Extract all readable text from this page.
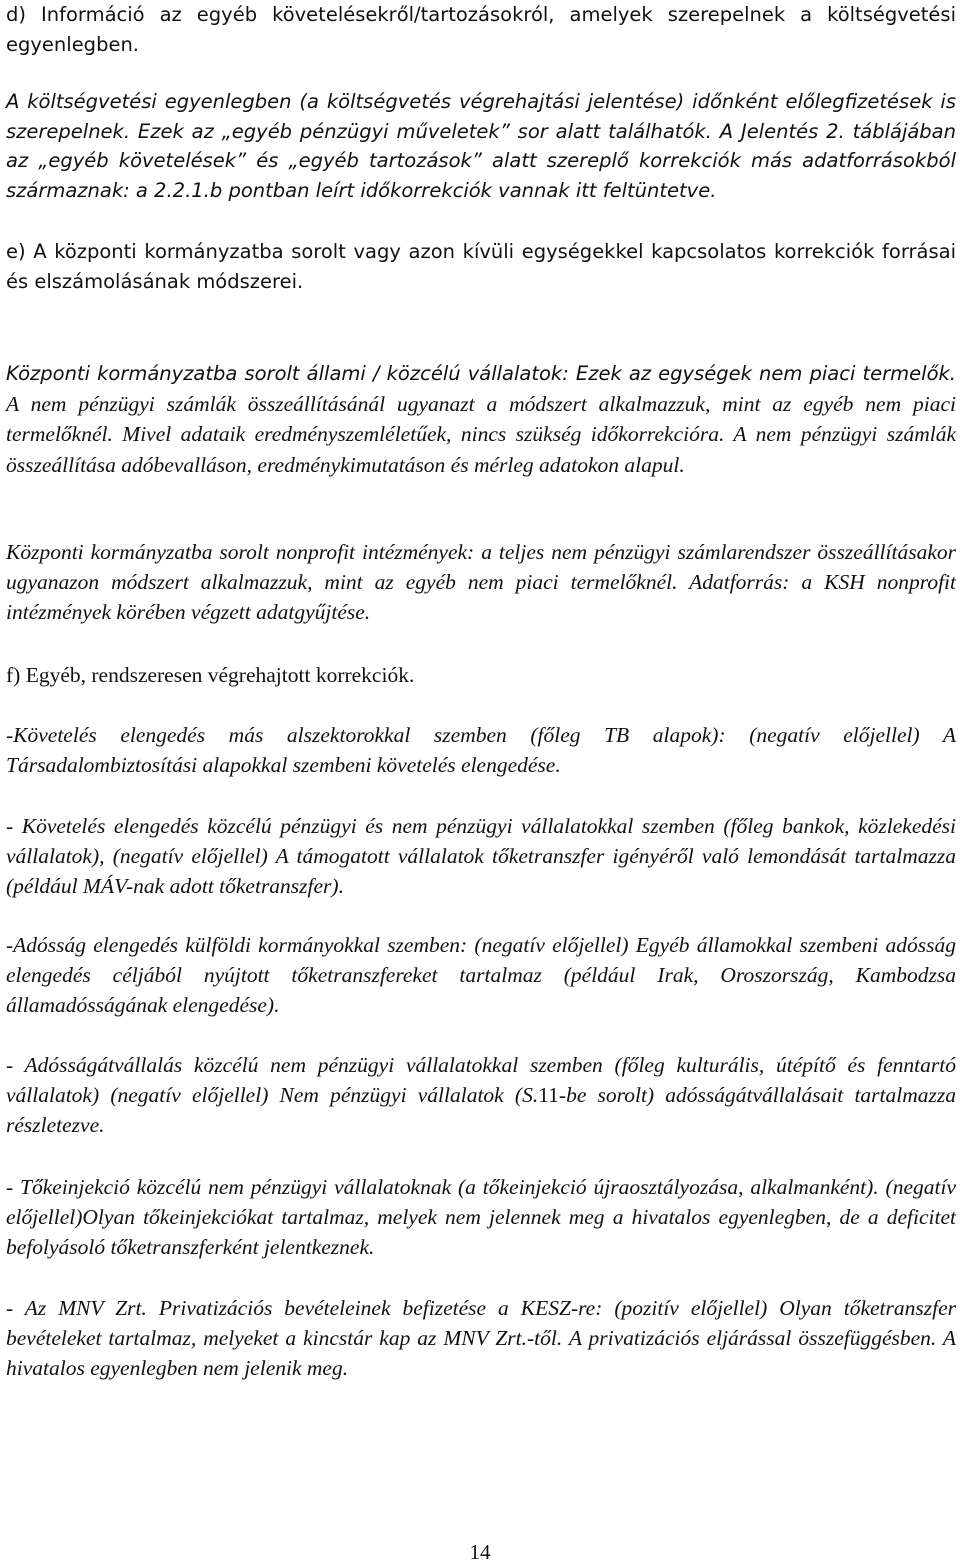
d) Információ az egyéb követelésekről/tartozásokról, amelyek szerepelnek a költségvetési egyenlegben.

A költségvetési egyenlegben (a költségvetés végrehajtási jelentése) időnként előlegfizetések is szerepelnek. Ezek az „egyéb pénzügyi műveletek” sor alatt találhatók. A Jelentés 2. táblájában az „egyéb követelések” és „egyéb tartozások” alatt szereplő korrekciók más adatforrásokból származnak: a 2.2.1.b pontban leírt időkorrekciók vannak itt feltüntetve.

e) A központi kormányzatba sorolt vagy azon kívüli egységekkel kapcsolatos korrekciók forrásai és elszámolásának módszerei.

Központi kormányzatba sorolt állami / közcélú vállalatok: Ezek az egységek nem piaci termelők. A nem pénzügyi számlák összeállításánál ugyanazt a módszert alkalmazzuk, mint az egyéb nem piaci termelőknél. Mivel adataik eredményszemléletűek, nincs szükség időkorrekcióra. A nem pénzügyi számlák összeállítása adóbevalláson, eredménykimutatáson és mérleg adatokon alapul.

Központi kormányzatba sorolt nonprofit intézmények: a teljes nem pénzügyi számlarendszer összeállításakor ugyanazon módszert alkalmazzuk, mint az egyéb nem piaci termelőknél. Adatforrás: a KSH nonprofit intézmények körében végzett adatgyűjtése.

f) Egyéb, rendszeresen végrehajtott korrekciók.

-Követelés elengedés más alszektorokkal szemben (főleg TB alapok): (negatív előjellel) A Társadalombiztosítási alapokkal szembeni követelés elengedése.

- Követelés elengedés közcélú pénzügyi és nem pénzügyi vállalatokkal szemben (főleg bankok, közlekedési vállalatok), (negatív előjellel) A támogatott vállalatok tőketranszfer igényéről való lemondását tartalmazza (például MÁV-nak adott tőketranszfer).

-Adósság elengedés külföldi kormányokkal szemben: (negatív előjellel) Egyéb államokkal szembeni adósság elengedés céljából nyújtott tőketranszfereket tartalmaz (például Irak, Oroszország, Kambodzsa államadósságának elengedése).

- Adósságátvállalás közcélú nem pénzügyi vállalatokkal szemben (főleg kulturális, útépítő és fenntartó vállalatok) (negatív előjellel) Nem pénzügyi vállalatok (S.11-be sorolt) adósságátvállalásait tartalmazza részletezve.

- Tőkeinjekció közcélú nem pénzügyi vállalatoknak (a tőkeinjekció újraosztályozása, alkalmanként). (negatív előjellel)Olyan tőkeinjekciókat tartalmaz, melyek nem jelennek meg a hivatalos egyenlegben, de a deficitet befolyásoló tőketranszferként jelentkeznek.

- Az MNV Zrt. Privatizációs bevételeinek befizetése a KESZ-re: (pozitív előjellel) Olyan tőketranszfer bevételeket tartalmaz, melyeket a kincstár kap az MNV Zrt.-től. A privatizációs eljárással összefüggésben. A hivatalos egyenlegben nem jelenik meg.

14
